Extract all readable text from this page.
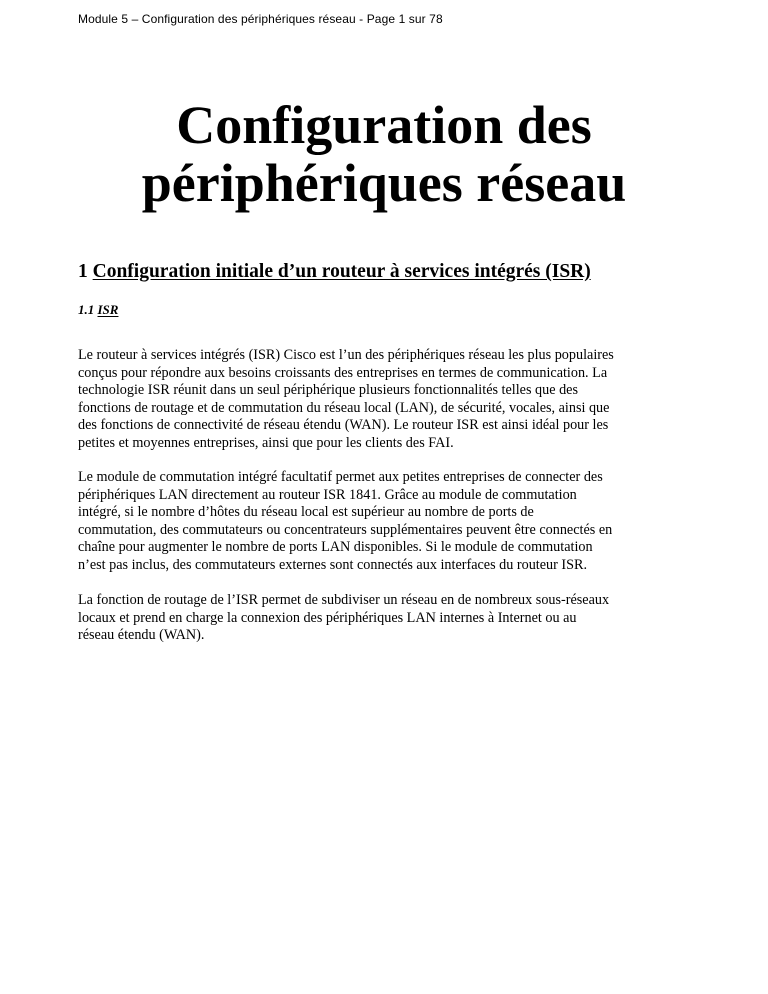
Module 5 – Configuration des périphériques réseau - Page 1 sur 78
Configuration des
périphériques réseau
1 Configuration initiale d’un routeur à services intégrés (ISR)
1.1 ISR
Le routeur à services intégrés (ISR) Cisco est l’un des périphériques réseau les plus populaires
conçus pour répondre aux besoins croissants des entreprises en termes de communication. La
technologie ISR réunit dans un seul périphérique plusieurs fonctionnalités telles que des
fonctions de routage et de commutation du réseau local (LAN), de sécurité, vocales, ainsi que
des fonctions de connectivité de réseau étendu (WAN). Le routeur ISR est ainsi idéal pour les
petites et moyennes entreprises, ainsi que pour les clients des FAI.
Le module de commutation intégré facultatif permet aux petites entreprises de connecter des
périphériques LAN directement au routeur ISR 1841. Grâce au module de commutation
intégré, si le nombre d’hôtes du réseau local est supérieur au nombre de ports de
commutation, des commutateurs ou concentrateurs supplémentaires peuvent être connectés en
chaîne pour augmenter le nombre de ports LAN disponibles. Si le module de commutation
n’est pas inclus, des commutateurs externes sont connectés aux interfaces du routeur ISR.
La fonction de routage de l’ISR permet de subdiviser un réseau en de nombreux sous-réseaux
locaux et prend en charge la connexion des périphériques LAN internes à Internet ou au
réseau étendu (WAN).
